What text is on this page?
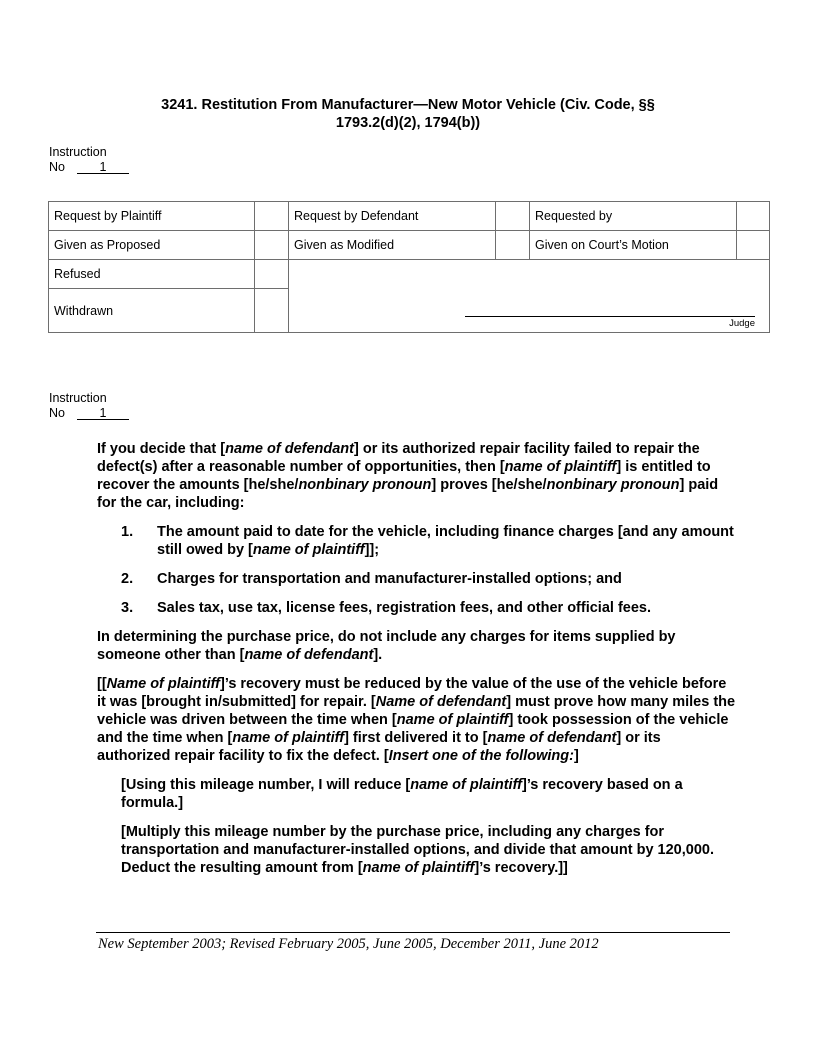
3241. Restitution From Manufacturer—New Motor Vehicle (Civ. Code, §§
1793.2(d)(2), 1794(b))
Instruction
No	1
Request by Plaintiff		Request by Defendant		Requested by	
Given as Proposed		Given as Modified		Given on Court’s Motion	
Refused		Judge			

Withdrawn					
Instruction
No	1

If you decide that [name of defendant] or its authorized repair facility failed to repair the defect(s) after a reasonable number of opportunities, then [name of plaintiff] is entitled to recover the amounts [he/she/nonbinary pronoun] proves [he/she/nonbinary pronoun] paid for the car, including:

1.	The amount paid to date for the vehicle, including finance charges [and any amount still owed by [name of plaintiff]];
2.	Charges for transportation and manufacturer-installed options; and
3.	Sales tax, use tax, license fees, registration fees, and other official fees.

In determining the purchase price, do not include any charges for items supplied by someone other than [name of defendant].

[[Name of plaintiff]’s recovery must be reduced by the value of the use of the vehicle before it was [brought in/submitted] for repair. [Name of defendant] must prove how many miles the vehicle was driven between the time when [name of plaintiff] took possession of the vehicle and the time when [name of plaintiff] first delivered it to [name of defendant] or its authorized repair facility to fix the defect. [Insert one of the following:]

[Using this mileage number, I will reduce [name of plaintiff]’s recovery based on a formula.]

[Multiply this mileage number by the purchase price, including any charges for transportation and manufacturer-installed options, and divide that amount by 120,000. Deduct the resulting amount from [name of plaintiff]’s recovery.]]

New September 2003; Revised February 2005, June 2005, December 2011, June 2012
